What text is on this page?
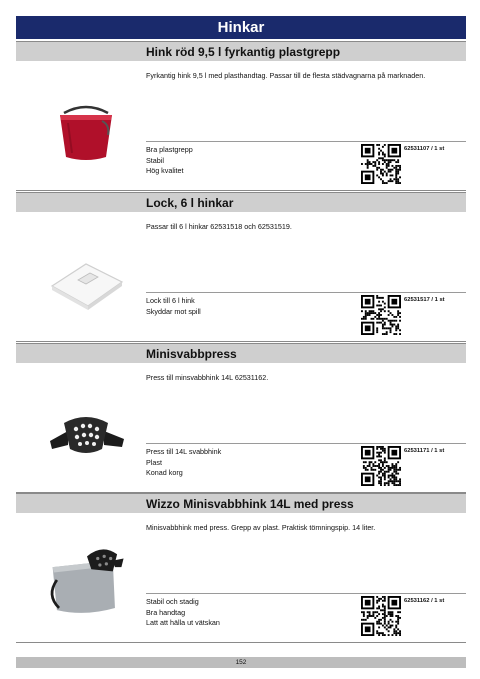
Hinkar
Hink röd 9,5 l fyrkantig plastgrepp
Fyrkantig hink 9,5 l med plasthandtag. Passar till de flesta städvagnarna på marknaden.
Bra plastgrepp
Stabil
Hög kvalitet
62531107 / 1 st
Lock, 6 l hinkar
Passar till 6 l hinkar 62531518 och 62531519.
Lock till 6 l hink
Skyddar mot spill
62531517 / 1 st
Minisvabbpress
Press till minsvabbhink 14L 62531162.
Press till 14L svabbhink
Plast
Konad korg
62531171 / 1 st
Wizzo Minisvabbhink 14L med press
Minisvabbhink med press. Grepp av plast. Praktisk tömningspip. 14 liter.
Stabil och stadig
Bra handtag
Latt att hälla ut vätskan
62531162 / 1 st
152
